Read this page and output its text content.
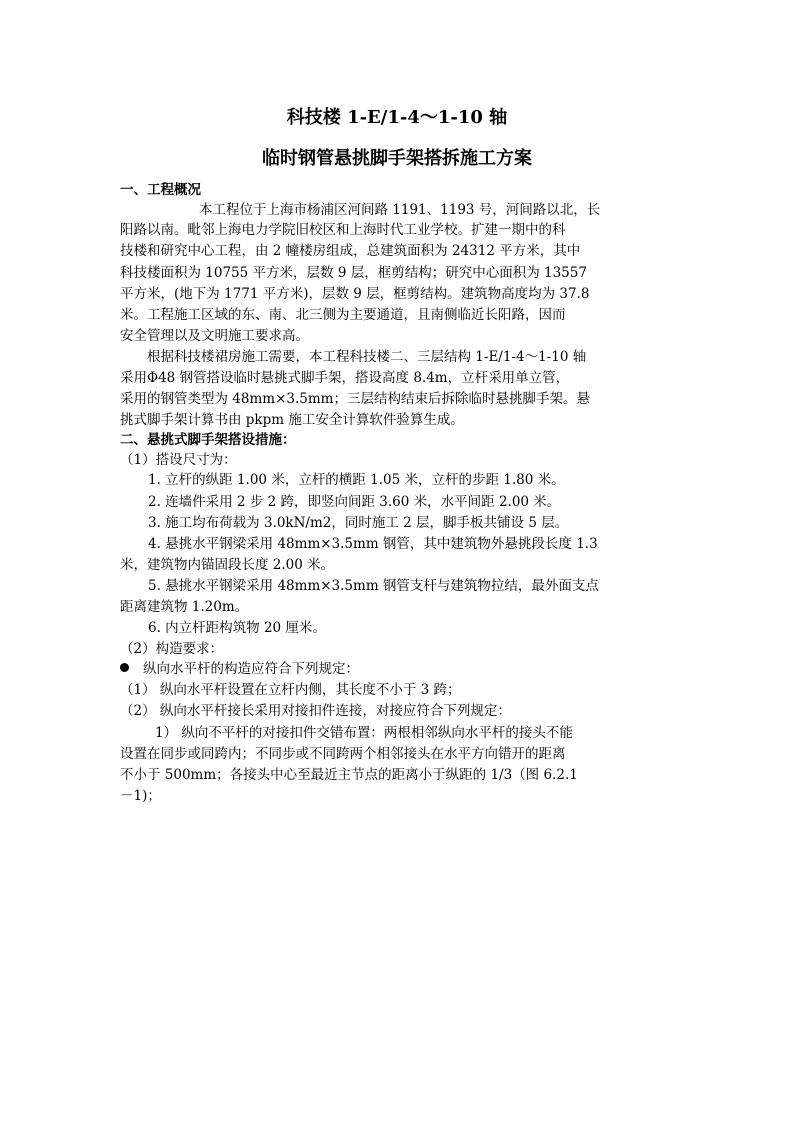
科技楼 1-E/1-4～1-10 轴
临时钢管悬挑脚手架搭拆施工方案
一、工程概况
本工程位于上海市杨浦区河间路 1191、1193 号，河间路以北，长
阳路以南。毗邻上海电力学院旧校区和上海时代工业学校。扩建一期中的科
技楼和研究中心工程，由 2 幢楼房组成，总建筑面积为 24312 平方米，其中
科技楼面积为 10755 平方米，层数 9 层，框剪结构；研究中心面积为 13557
平方米，(地下为 1771 平方米)，层数 9 层，框剪结构。建筑物高度均为 37.8
米。工程施工区域的东、南、北三侧为主要通道，且南侧临近长阳路，因而
安全管理以及文明施工要求高。
根据科技楼裙房施工需要，本工程科技楼二、三层结构 1-E/1-4～1-10 轴
采用Φ48 钢管搭设临时悬挑式脚手架，搭设高度 8.4m，立杆采用单立管，
采用的钢管类型为 48mm×3.5mm；三层结构结束后拆除临时悬挑脚手架。悬
挑式脚手架计算书由 pkpm 施工安全计算软件验算生成。
二、悬挑式脚手架搭设措施：
（1）搭设尺寸为：
1. 立杆的纵距 1.00 米，立杆的横距 1.05 米，立杆的步距 1.80 米。
2. 连墙件采用 2 步 2 跨，即竖向间距 3.60 米，水平间距 2.00 米。
3. 施工均布荷载为 3.0kN/m2，同时施工 2 层，脚手板共铺设 5 层。
4. 悬挑水平钢梁采用 48mm×3.5mm 钢管，其中建筑物外悬挑段长度 1.3
米，建筑物内锚固段长度 2.00 米。
5. 悬挑水平钢梁采用 48mm×3.5mm 钢管支杆与建筑物拉结，最外面支点
距离建筑物 1.20m。
6. 内立杆距构筑物 20 厘米。
（2）构造要求：
纵向水平杆的构造应符合下列规定：
（1） 纵向水平杆设置在立杆内侧，其长度不小于 3 跨；
（2） 纵向水平杆接长采用对接扣件连接，对接应符合下列规定：
1） 纵向不平杆的对接扣件交错布置：两根相邻纵向水平杆的接头不能
设置在同步或同跨内；不同步或不同跨两个相邻接头在水平方向错开的距离
不小于 500mm；各接头中心至最近主节点的距离小于纵距的 1/3（图 6.2.1
－1)；
